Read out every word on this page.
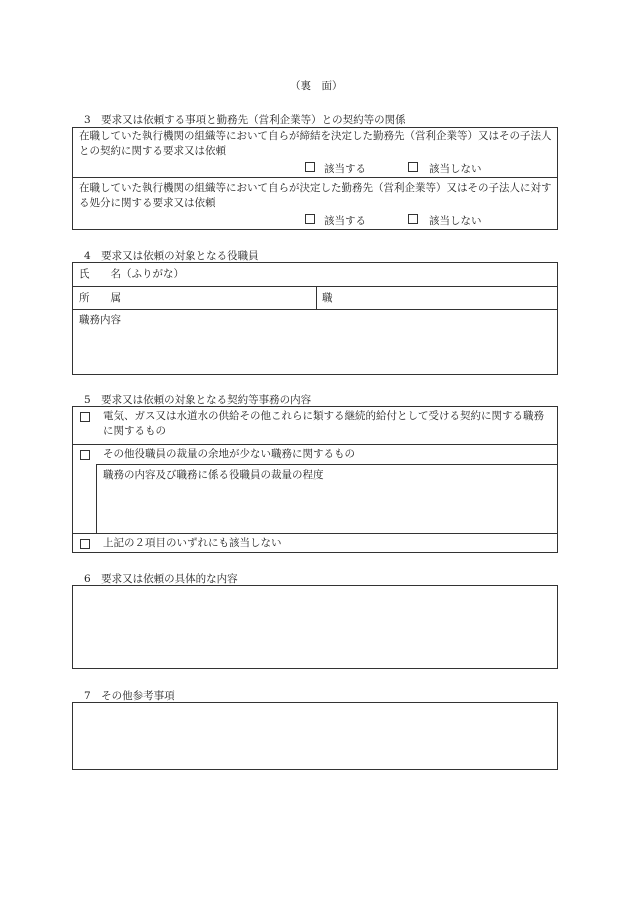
（裏　面）
3　要求又は依頼する事項と勤務先（営利企業等）との契約等の関係
在職していた執行機関の組織等において自らが締結を決定した勤務先（営利企業等）又はその子法人との契約に関する要求又は依頼
該当する	該当しない
在職していた執行機関の組織等において自らが決定した勤務先（営利企業等）又はその子法人に対する処分に関する要求又は依頼
該当する	該当しない
4　要求又は依頼の対象となる役職員
氏　　名（ふりがな）
所　　属	職
職務内容
5　要求又は依頼の対象となる契約等事務の内容
電気、ガス又は水道水の供給その他これらに類する継続的給付として受ける契約に関する職務に関するもの
その他役職員の裁量の余地が少ない職務に関するもの
職務の内容及び職務に係る役職員の裁量の程度
上記の２項目のいずれにも該当しない
6　要求又は依頼の具体的な内容
7　その他参考事項
